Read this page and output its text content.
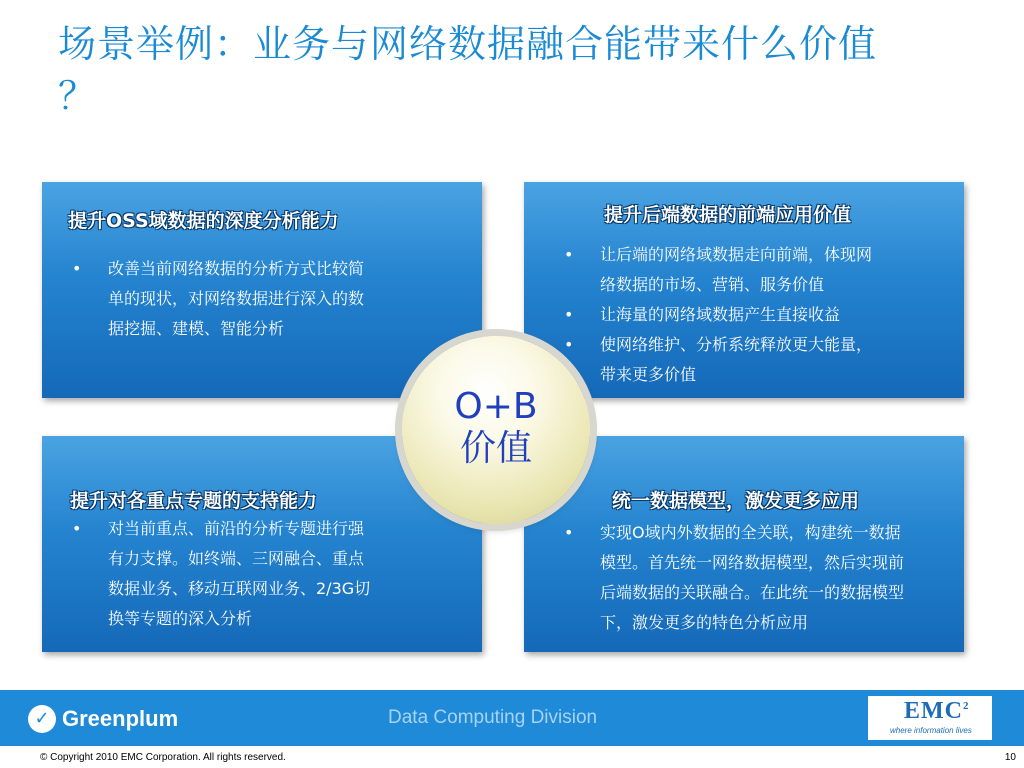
场景举例：业务与网络数据融合能带来什么价值
？
提升OSS域数据的深度分析能力
• 改善当前网络数据的分析方式比较简
单的现状，对网络数据进行深入的数
据挖掘、建模、智能分析
提升后端数据的前端应用价值
• 让后端的网络域数据走向前端，体现网
络数据的市场、营销、服务价值
• 让海量的网络域数据产生直接收益
• 使网络维护、分析系统释放更大能量，
带来更多价值
提升对各重点专题的支持能力
• 对当前重点、前沿的分析专题进行强
有力支撑。如终端、三网融合、重点
数据业务、移动互联网业务、2/3G切
换等专题的深入分析
统一数据模型，激发更多应用
• 实现O域内外数据的全关联，构建统一数据
模型。首先统一网络数据模型，然后实现前
后端数据的关联融合。在此统一的数据模型
下，激发更多的特色分析应用
O+B
价值
✓ Greenplum	Data Computing Division	EMC$^2$
where information lives
© Copyright 2010 EMC Corporation. All rights reserved.	10
